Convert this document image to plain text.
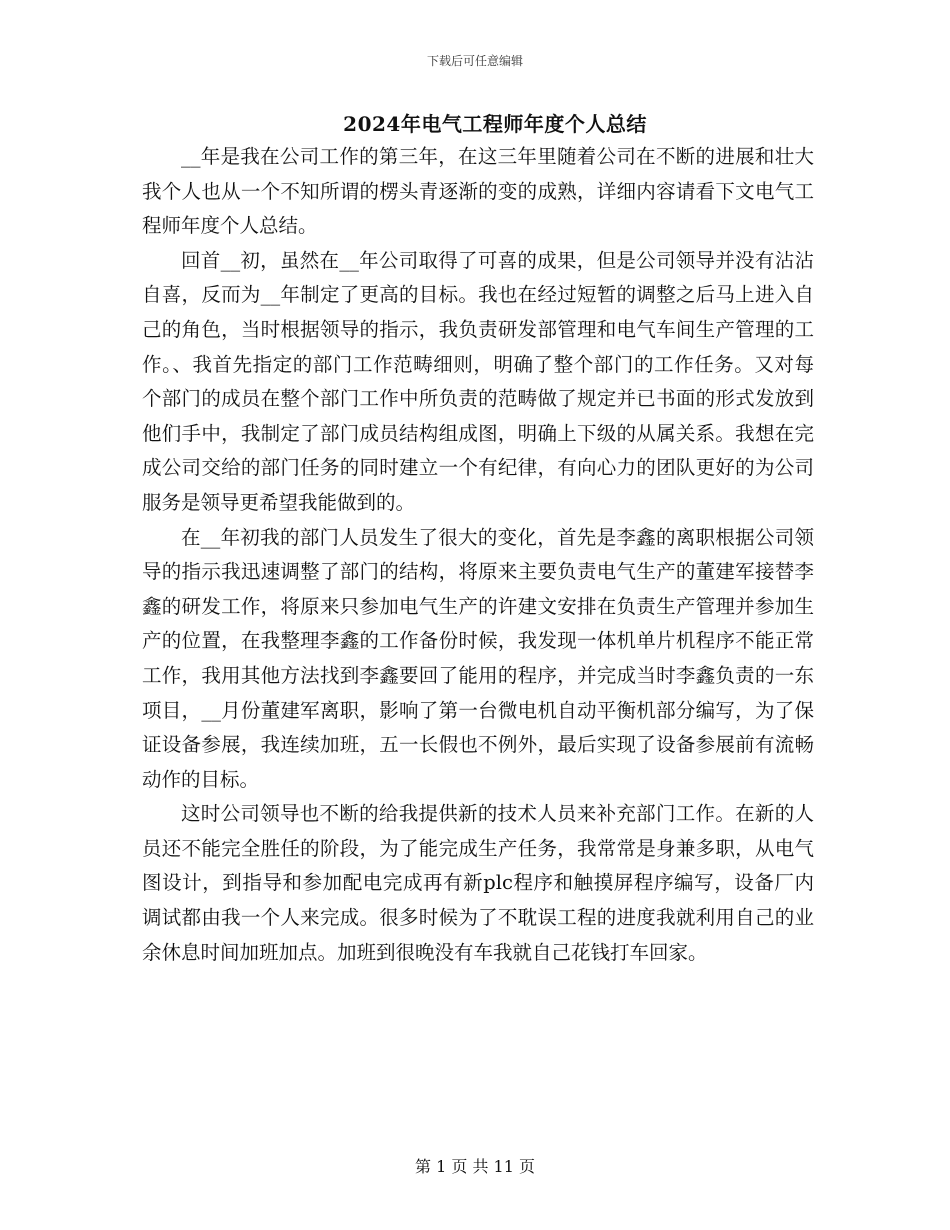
下载后可任意编辑
2024年电气工程师年度个人总结

__年是我在公司工作的第三年，在这三年里随着公司在不断的进展和壮大我个人也从一个不知所谓的楞头青逐渐的变的成熟，详细内容请看下文电气工程师年度个人总结。

回首__初，虽然在__年公司取得了可喜的成果，但是公司领导并没有沾沾自喜，反而为__年制定了更高的目标。我也在经过短暂的调整之后马上进入自己的角色，当时根据领导的指示，我负责研发部管理和电气车间生产管理的工作。、我首先指定的部门工作范畴细则，明确了整个部门的工作任务。又对每个部门的成员在整个部门工作中所负责的范畴做了规定并已书面的形式发放到他们手中，我制定了部门成员结构组成图，明确上下级的从属关系。我想在完成公司交给的部门任务的同时建立一个有纪律，有向心力的团队更好的为公司服务是领导更希望我能做到的。

在__年初我的部门人员发生了很大的变化，首先是李鑫的离职根据公司领导的指示我迅速调整了部门的结构，将原来主要负责电气生产的董建军接替李鑫的研发工作，将原来只参加电气生产的许建文安排在负责生产管理并参加生产的位置，在我整理李鑫的工作备份时候，我发现一体机单片机程序不能正常工作，我用其他方法找到李鑫要回了能用的程序，并完成当时李鑫负责的一东项目，__月份董建军离职，影响了第一台微电机自动平衡机部分编写，为了保证设备参展，我连续加班，五一长假也不例外，最后实现了设备参展前有流畅动作的目标。

这时公司领导也不断的给我提供新的技术人员来补充部门工作。在新的人员还不能完全胜任的阶段，为了能完成生产任务，我常常是身兼多职，从电气图设计，到指导和参加配电完成再有新plc程序和触摸屏程序编写，设备厂内调试都由我一个人来完成。很多时候为了不耽误工程的进度我就利用自己的业余休息时间加班加点。加班到很晚没有车我就自己花钱打车回家。

第 1 页 共 11 页
